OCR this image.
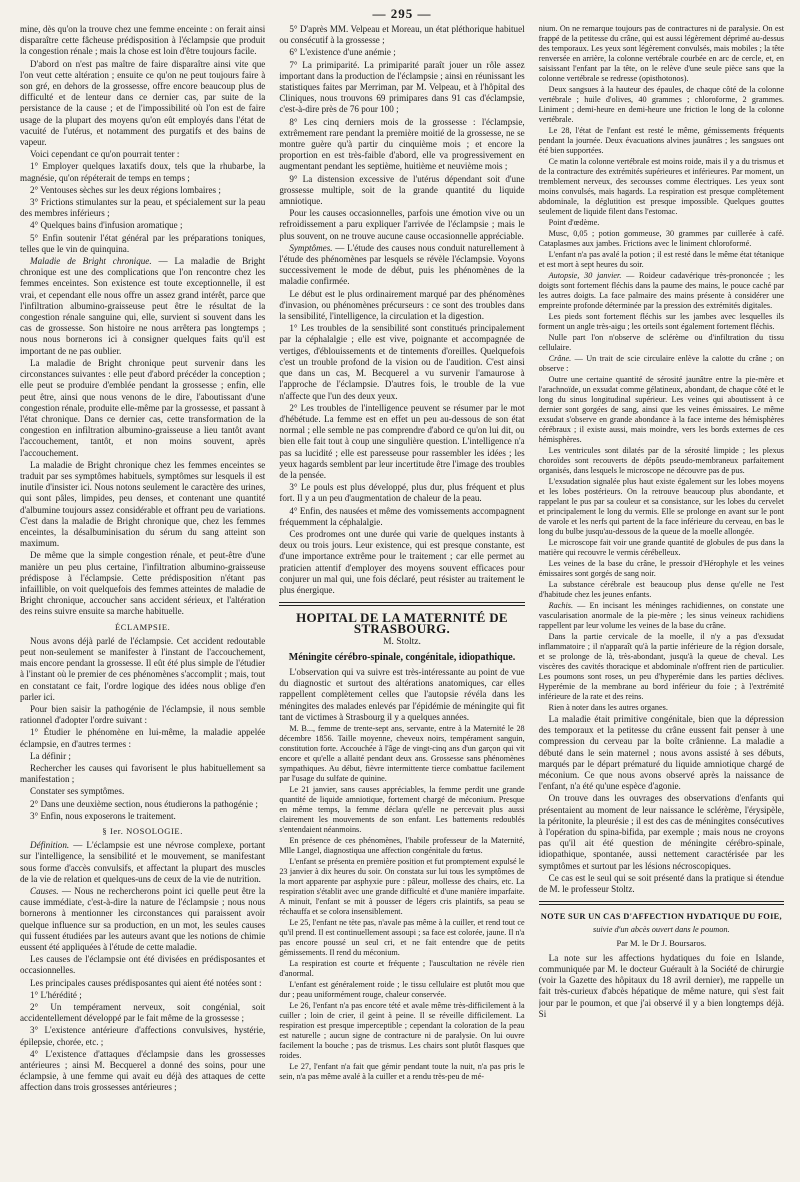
— 295 —

mine, dès qu'on la trouve chez une femme enceinte : on ferait ainsi disparaître cette fâcheuse prédisposition à l'éclampsie que produit la congestion rénale ; mais la chose est loin d'être toujours facile.

D'abord on n'est pas maître de faire disparaître ainsi vite que l'on veut cette altération ; ensuite ce qu'on ne peut toujours faire à son gré, en dehors de la grossesse, offre encore beaucoup plus de difficulté et de lenteur dans ce dernier cas, par suite de la persistance de la cause ; et de l'impossibilité où l'on est de faire usage de la plupart des moyens qu'on eût employés dans l'état de vacuité de l'utérus, et notamment des purgatifs et des bains de vapeur.

Voici cependant ce qu'on pourrait tenter :

1° Employer quelques laxatifs doux, tels que la rhubarbe, la magnésie, qu'on répéterait de temps en temps ;

2° Ventouses sèches sur les deux régions lombaires ;

3° Frictions stimulantes sur la peau, et spécialement sur la peau des membres inférieurs ;

4° Quelques bains d'infusion aromatique ;

5° Enfin soutenir l'état général par les préparations toniques, telles que le vin de quinquina.

Maladie de Bright chronique. — La maladie de Bright chronique est une des complications que l'on rencontre chez les femmes enceintes. Son existence est toute exceptionnelle, il est vrai, et cependant elle nous offre un assez grand intérêt, parce que l'infiltration albumino-graisseuse peut être le résultat de la congestion rénale sanguine qui, elle, survient si souvent dans les cas de grossesse. Son histoire ne nous arrêtera pas longtemps ; nous nous bornerons ici à consigner quelques faits qu'il est important de ne pas oublier.

La maladie de Bright chronique peut survenir dans les circonstances suivantes : elle peut d'abord précéder la conception ; elle peut se produire d'emblée pendant la grossesse ; enfin, elle peut être, ainsi que nous venons de le dire, l'aboutissant d'une congestion rénale, produite elle-même par la grossesse, et passant à l'état chronique. Dans ce dernier cas, cette transformation de la congestion en infiltration albumino-graisseuse a lieu tantôt avant l'accouchement, tantôt, et non moins souvent, après l'accouchement.

La maladie de Bright chronique chez les femmes enceintes se traduit par ses symptômes habituels, symptômes sur lesquels il est inutile d'insister ici. Nous notons seulement le caractère des urines, qui sont pâles, limpides, peu denses, et contenant une quantité d'albumine toujours assez considérable et offrant peu de variations. C'est dans la maladie de Bright chronique que, chez les femmes enceintes, la désalbuminisation du sérum du sang atteint son maximum.

De même que la simple congestion rénale, et peut-être d'une manière un peu plus certaine, l'infiltration albumino-graisseuse prédispose à l'éclampsie. Cette prédisposition n'étant pas infaillible, on voit quelquefois des femmes atteintes de maladie de Bright chronique, accoucher sans accident sérieux, et l'altération des reins suivre ensuite sa marche habituelle.

ÉCLAMPSIE.

Nous avons déjà parlé de l'éclampsie. Cet accident redoutable peut non-seulement se manifester à l'instant de l'accouchement, mais encore pendant la grossesse. Il eût été plus simple de l'étudier à l'instant où le premier de ces phénomènes s'accomplit ; mais, tout en constatant ce fait, l'ordre logique des idées nous oblige d'en parler ici.

Pour bien saisir la pathogénie de l'éclampsie, il nous semble rationnel d'adopter l'ordre suivant :

1° Étudier le phénomène en lui-même, la maladie appelée éclampsie, en d'autres termes :

La définir ;

Rechercher les causes qui favorisent le plus habituellement sa manifestation ;

Constater ses symptômes.

2° Dans une deuxième section, nous étudierons la pathogénie ;

3° Enfin, nous exposerons le traitement.

§ Ier. NOSOLOGIE.

Définition. — L'éclampsie est une névrose complexe, portant sur l'intelligence, la sensibilité et le mouvement, se manifestant sous forme d'accès convulsifs, et affectant la plupart des muscles de la vie de relation et quelques-uns de ceux de la vie de nutrition.

Causes. — Nous ne rechercherons point ici quelle peut être la cause immédiate, c'est-à-dire la nature de l'éclampsie ; nous nous bornerons à mentionner les circonstances qui paraissent avoir quelque influence sur sa production, en un mot, les seules causes qui fussent étudiées par les auteurs avant que les notions de chimie eussent été appliquées à l'étude de cette maladie.

Les causes de l'éclampsie ont été divisées en prédisposantes et occasionnelles.

Les principales causes prédisposantes qui aient été notées sont :

1° L'hérédité ;

2° Un tempérament nerveux, soit congénial, soit accidentellement développé par le fait même de la grossesse ;

3° L'existence antérieure d'affections convulsives, hystérie, épilepsie, chorée, etc. ;

4° L'existence d'attaques d'éclampsie dans les grossesses antérieures ; ainsi M. Becquerel a donné des soins, pour une éclampsie, à une femme qui avait eu déjà des attaques de cette affection dans trois grossesses antérieures ;

5° D'après MM. Velpeau et Moreau, un état pléthorique habituel ou consécutif à la grossesse ;

6° L'existence d'une anémie ;

7° La primiparité. La primiparité paraît jouer un rôle assez important dans la production de l'éclampsie ; ainsi en réunissant les statistiques faites par Merriman, par M. Velpeau, et à l'hôpital des Cliniques, nous trouvons 69 primipares dans 91 cas d'éclampsie, c'est-à-dire près de 76 pour 100 ;

8° Les cinq derniers mois de la grossesse : l'éclampsie, extrêmement rare pendant la première moitié de la grossesse, ne se montre guère qu'à partir du cinquième mois ; et encore la proportion en est très-faible d'abord, elle va progressivement en augmentant pendant les septième, huitième et neuvième mois ;

9° La distension excessive de l'utérus dépendant soit d'une grossesse multiple, soit de la grande quantité du liquide amniotique.

Pour les causes occasionnelles, parfois une émotion vive ou un refroidissement a paru expliquer l'arrivée de l'éclampsie ; mais le plus souvent, on ne trouve aucune cause occasionnelle appréciable.

Symptômes. — L'étude des causes nous conduit naturellement à l'étude des phénomènes par lesquels se révèle l'éclampsie. Voyons successivement le mode de début, puis les phénomènes de la maladie confirmée.

Le début est le plus ordinairement marqué par des phénomènes d'invasion, ou phénomènes précurseurs : ce sont des troubles dans la sensibilité, l'intelligence, la circulation et la digestion.

1° Les troubles de la sensibilité sont constitués principalement par la céphalalgie ; elle est vive, poignante et accompagnée de vertiges, d'éblouissements et de tintements d'oreilles. Quelquefois c'est un trouble profond de la vision ou de l'audition. C'est ainsi que dans un cas, M. Becquerel a vu survenir l'amaurose à l'approche de l'éclampsie. D'autres fois, le trouble de la vue n'affecte que l'un des deux yeux.

2° Les troubles de l'intelligence peuvent se résumer par le mot d'hébétude. La femme est en effet un peu au-dessous de son état normal ; elle semble ne pas comprendre d'abord ce qu'on lui dit, ou bien elle fait tout à coup une singulière question. L'intelligence n'a pas sa lucidité ; elle est paresseuse pour rassembler les idées ; les yeux hagards semblent par leur incertitude être l'image des troubles de la pensée.

3° Le pouls est plus développé, plus dur, plus fréquent et plus fort. Il y a un peu d'augmentation de chaleur de la peau.

4° Enfin, des nausées et même des vomissements accompagnent fréquemment la céphalalgie.

Ces prodromes ont une durée qui varie de quelques instants à deux ou trois jours. Leur existence, qui est presque constante, est d'une importance extrême pour le traitement ; car elle permet au praticien attentif d'employer des moyens souvent efficaces pour conjurer un mal qui, une fois déclaré, peut résister au traitement le plus énergique.

HOPITAL DE LA MATERNITÉ DE STRASBOURG.
M. Stoltz.
Méningite cérébro-spinale, congénitale, idiopathique.

L'observation qui va suivre est très-intéressante au point de vue du diagnostic et surtout des altérations anatomiques, car elles rappellent complètement celles que l'autopsie révéla dans les méningites des malades enlevés par l'épidémie de méningite qui fit tant de victimes à Strasbourg il y a quelques années.

M. B..., femme de trente-sept ans, servante, entre à la Maternité le 28 décembre 1856. Taille moyenne, cheveux noirs, tempérament sanguin, constitution forte. Accouchée à l'âge de vingt-cinq ans d'un garçon qui vit encore et qu'elle a allaité pendant deux ans. Grossesse sans phénomènes sympathiques. Au début, fièvre intermittente tierce combattue facilement par l'usage du sulfate de quinine.

Le 21 janvier, sans causes appréciables, la femme perdit une grande quantité de liquide amniotique, fortement chargé de méconium. Presque en même temps, la femme déclara qu'elle ne percevait plus aussi clairement les mouvements de son enfant. Les battements redoublés s'entendaient néanmoins.

En présence de ces phénomènes, l'habile professeur de la Maternité, Mlle Langel, diagnostiqua une affection congénitale du fœtus.

L'enfant se présenta en première position et fut promptement expulsé le 23 janvier à dix heures du soir. On constata sur lui tous les symptômes de la mort apparente par asphyxie pure : pâleur, mollesse des chairs, etc. La respiration s'établit avec une grande difficulté et d'une manière imparfaite. A minuit, l'enfant se mit à pousser de légers cris plaintifs, sa peau se réchauffa et se colora insensiblement.

Le 25, l'enfant ne tète pas, n'avale pas même à la cuiller, et rend tout ce qu'il prend. Il est continuellement assoupi ; sa face est colorée, jaune. Il n'a pas encore poussé un seul cri, et ne fait entendre que de petits gémissements. Il rend du méconium.

La respiration est courte et fréquente ; l'auscultation ne révèle rien d'anormal.

L'enfant est généralement roide ; le tissu cellulaire est plutôt mou que dur ; peau uniformément rouge, chaleur conservée.

Le 26, l'enfant n'a pas encore tété et avale même très-difficilement à la cuiller ; loin de crier, il geint à peine. Il se réveille difficilement. La respiration est presque imperceptible ; cependant la coloration de la peau est naturelle ; aucun signe de contracture ni de paralysie. On lui ouvre facilement la bouche ; pas de trismus. Les chairs sont plutôt flasques que roides.

Le 27, l'enfant n'a fait que gémir pendant toute la nuit, n'a pas pris le sein, n'a pas même avalé à la cuiller et a rendu très-peu de mé-

nium. On ne remarque toujours pas de contractures ni de paralysie. On est frappé de la petitesse du crâne, qui est aussi légèrement déprimé au-dessus des temporaux. Les yeux sont légèrement convulsés, mais mobiles ; la tête renversée en arrière, la colonne vertébrale courbée en arc de cercle, et, en saisissant l'enfant par la tête, on le relève d'une seule pièce sans que la colonne vertébrale se redresse (opisthotonos).

Deux sangsues à la hauteur des épaules, de chaque côté de la colonne vertébrale ; huile d'olives, 40 grammes ; chloroforme, 2 grammes. Liniment ; demi-heure en demi-heure une friction le long de la colonne vertébrale.

Le 28, l'état de l'enfant est resté le même, gémissements fréquents pendant la journée. Deux évacuations alvines jaunâtres ; les sangsues ont été bien supportées.

Ce matin la colonne vertébrale est moins roide, mais il y a du trismus et de la contracture des extrémités supérieures et inférieures. Par moment, un tremblement nerveux, des secousses comme électriques. Les yeux sont moins convulsés, mais hagards. La respiration est presque complètement abdominale, la déglutition est presque impossible. Quelques gouttes seulement de liquide filent dans l'estomac.

Point d'œdème.

Musc, 0,05 ; potion gommeuse, 30 grammes par cuillerée à café. Cataplasmes aux jambes. Frictions avec le liniment chloroformé.

L'enfant n'a pas avalé la potion ; il est resté dans le même état tétanique et est mort à sept heures du soir.

Autopsie, 30 janvier. — Roideur cadavérique très-prononcée ; les doigts sont fortement fléchis dans la paume des mains, le pouce caché par les autres doigts. La face palmaire des mains présente à considérer une empreinte profonde déterminée par la pression des extrémités digitales.

Les pieds sont fortement fléchis sur les jambes avec lesquelles ils forment un angle très-aigu ; les orteils sont également fortement fléchis.

Nulle part l'on n'observe de sclérème ou d'infiltration du tissu cellulaire.

Crâne. — Un trait de scie circulaire enlève la calotte du crâne ; on observe :

Outre une certaine quantité de sérosité jaunâtre entre la pie-mère et l'arachnoïde, un exsudat comme gélatineux, abondant, de chaque côté et le long du sinus longitudinal supérieur. Les veines qui aboutissent à ce dernier sont gorgées de sang, ainsi que les veines émissaires. Le même exsudat s'observe en grande abondance à la face interne des hémisphères cérébraux ; il existe aussi, mais moindre, vers les bords externes de ces hémisphères.

Les ventricules sont dilatés par de la sérosité limpide ; les plexus choroïdes sont recouverts de dépôts pseudo-membraneux parfaitement organisés, dans lesquels le microscope ne découvre pas de pus.

L'exsudation signalée plus haut existe également sur les lobes moyens et les lobes postérieurs. On la retrouve beaucoup plus abondante, et rappelant le pus par sa couleur et sa consistance, sur les lobes du cervelet et principalement le long du vermis. Elle se prolonge en avant sur le pont de varole et les nerfs qui partent de la face inférieure du cerveau, en bas le long du bulbe jusqu'au-dessous de la queue de la moelle allongée.

Le microscope fait voir une grande quantité de globules de pus dans la matière qui recouvre le vermis cérébelleux.

Les veines de la base du crâne, le pressoir d'Hérophyle et les veines émissaires sont gorgés de sang noir.

La substance cérébrale est beaucoup plus dense qu'elle ne l'est d'habitude chez les jeunes enfants.

Rachis. — En incisant les méninges rachidiennes, on constate une vascularisation anormale de la pie-mère ; les sinus veineux rachidiens rappellent par leur volume les veines de la base du crâne.

Dans la partie cervicale de la moelle, il n'y a pas d'exsudat inflammatoire ; il n'apparaît qu'à la partie inférieure de la région dorsale, et se prolonge de là, très-abondant, jusqu'à la queue de cheval. Les viscères des cavités thoracique et abdominale n'offrent rien de particulier. Les poumons sont roses, un peu d'hyperémie dans les parties déclives. Hyperémie de la membrane au bord inférieur du foie ; à l'extrémité inférieure de la rate et des reins.

Rien à noter dans les autres organes.

La maladie était primitive congénitale, bien que la dépression des temporaux et la petitesse du crâne eussent fait penser à une compression du cerveau par la boîte crânienne. La maladie a débuté dans le sein maternel ; nous avons assisté à ses débuts, marqués par le départ prématuré du liquide amniotique chargé de méconium. Ce que nous avons observé après la naissance de l'enfant, n'a été qu'une espèce d'agonie.

On trouve dans les ouvrages des observations d'enfants qui présentaient au moment de leur naissance le sclérème, l'érysipèle, la péritonite, la pleurésie ; il est des cas de méningites consécutives à l'opération du spina-bifida, par exemple ; mais nous ne croyons pas qu'il ait été question de méningite cérébro-spinale, idiopathique, spontanée, aussi nettement caractérisée par les symptômes et surtout par les lésions nécroscopiques.

Ce cas est le seul qui se soit présenté dans la pratique si étendue de M. le professeur Stoltz.

NOTE SUR UN CAS D'AFFECTION HYDATIQUE DU FOIE,
suivie d'un abcès ouvert dans le poumon.
Par M. le Dr J. Boursaros.

La note sur les affections hydatiques du foie en Islande, communiquée par M. le docteur Guérault à la Société de chirurgie (voir la Gazette des hôpitaux du 18 avril dernier), me rappelle un fait très-curieux d'abcès hépatique de même nature, qui s'est fait jour par le poumon, et que j'ai observé il y a bien longtemps déjà. Si
